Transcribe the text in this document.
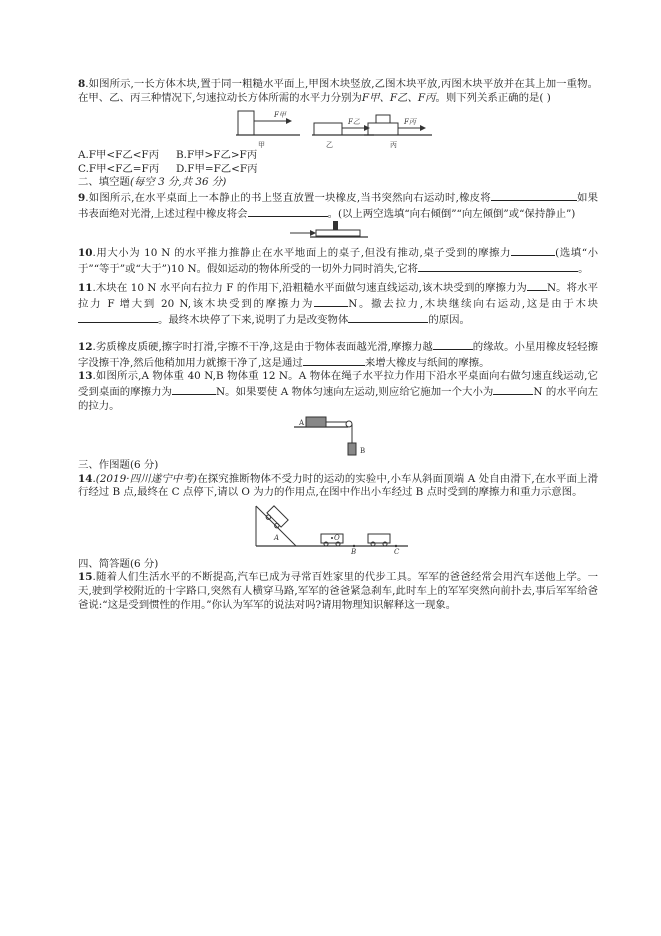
8.如图所示,一长方体木块,置于同一粗糙水平面上,甲图木块竖放,乙图木块平放,丙图木块平放并在其上加一重物。在甲、乙、丙三种情况下,匀速拉动长方体所需的水平力分别为F甲、F乙、F丙。则下列关系正确的是( )

F甲
甲
F乙
乙
F丙
丙
A.F甲<F乙<F丙	B.F甲>F乙>F丙
C.F甲<F乙=F丙	D.F甲=F乙<F丙

二、填空题(每空 3 分,共 36 分)

9.如图所示,在水平桌面上一本静止的书上竖直放置一块橡皮,当书突然向右运动时,橡皮将	如果书表面绝对光滑,上述过程中橡皮将会	。(以上两空选填“向右倾倒”“向左倾倒”或“保持静止”)

10.用大小为 10 N 的水平推力推静止在水平地面上的桌子,但没有推动,桌子受到的摩擦力	(选填“小于”“等于”或“大于”)10 N。假如运动的物体所受的一切外力同时消失,它将	。

11.木块在 10 N 水平向右拉力 F 的作用下,沿粗糙水平面做匀速直线运动,该木块受到的摩擦力为 N。将水平拉力 F 增大到 20 N,该木块受到的摩擦力为	N。撤去拉力,木块继续向右运动,这是由于木块。最终木块停了下来,说明了力是改变物体	的原因。

12.劣质橡皮质硬,擦字时打滑,字擦不干净,这是由于物体表面越光滑,摩擦力越	的缘故。小星用橡皮轻轻擦字没擦干净,然后他稍加用力就擦干净了,这是通过	来增大橡皮与纸间的摩擦。

13.如图所示,A 物体重 40 N,B 物体重 12 N。A 物体在绳子水平拉力作用下沿水平桌面向右做匀速直线运动,它受到桌面的摩擦力为	N。如果要使 A 物体匀速向左运动,则应给它施加一个大小为	N 的水平向左的拉力。

A
B

三、作图题(6 分)

14.(2019·四川遂宁中考)在探究推断物体不受力时的运动的实验中,小车从斜面顶端 A 处自由滑下,在水平面上滑行经过 B 点,最终在 C 点停下,请以 O 为力的作用点,在图中作出小车经过 B 点时受到的摩擦力和重力示意图。

A	O
B	C

四、简答题(6 分)

15.随着人们生活水平的不断提高,汽车已成为寻常百姓家里的代步工具。军军的爸爸经常会用汽车送他上学。一天,驶到学校附近的十字路口,突然有人横穿马路,军军的爸爸紧急刹车,此时车上的军军突然向前扑去,事后军军给爸爸说:“这是受到惯性的作用。”你认为军军的说法对吗?请用物理知识解释这一现象。
